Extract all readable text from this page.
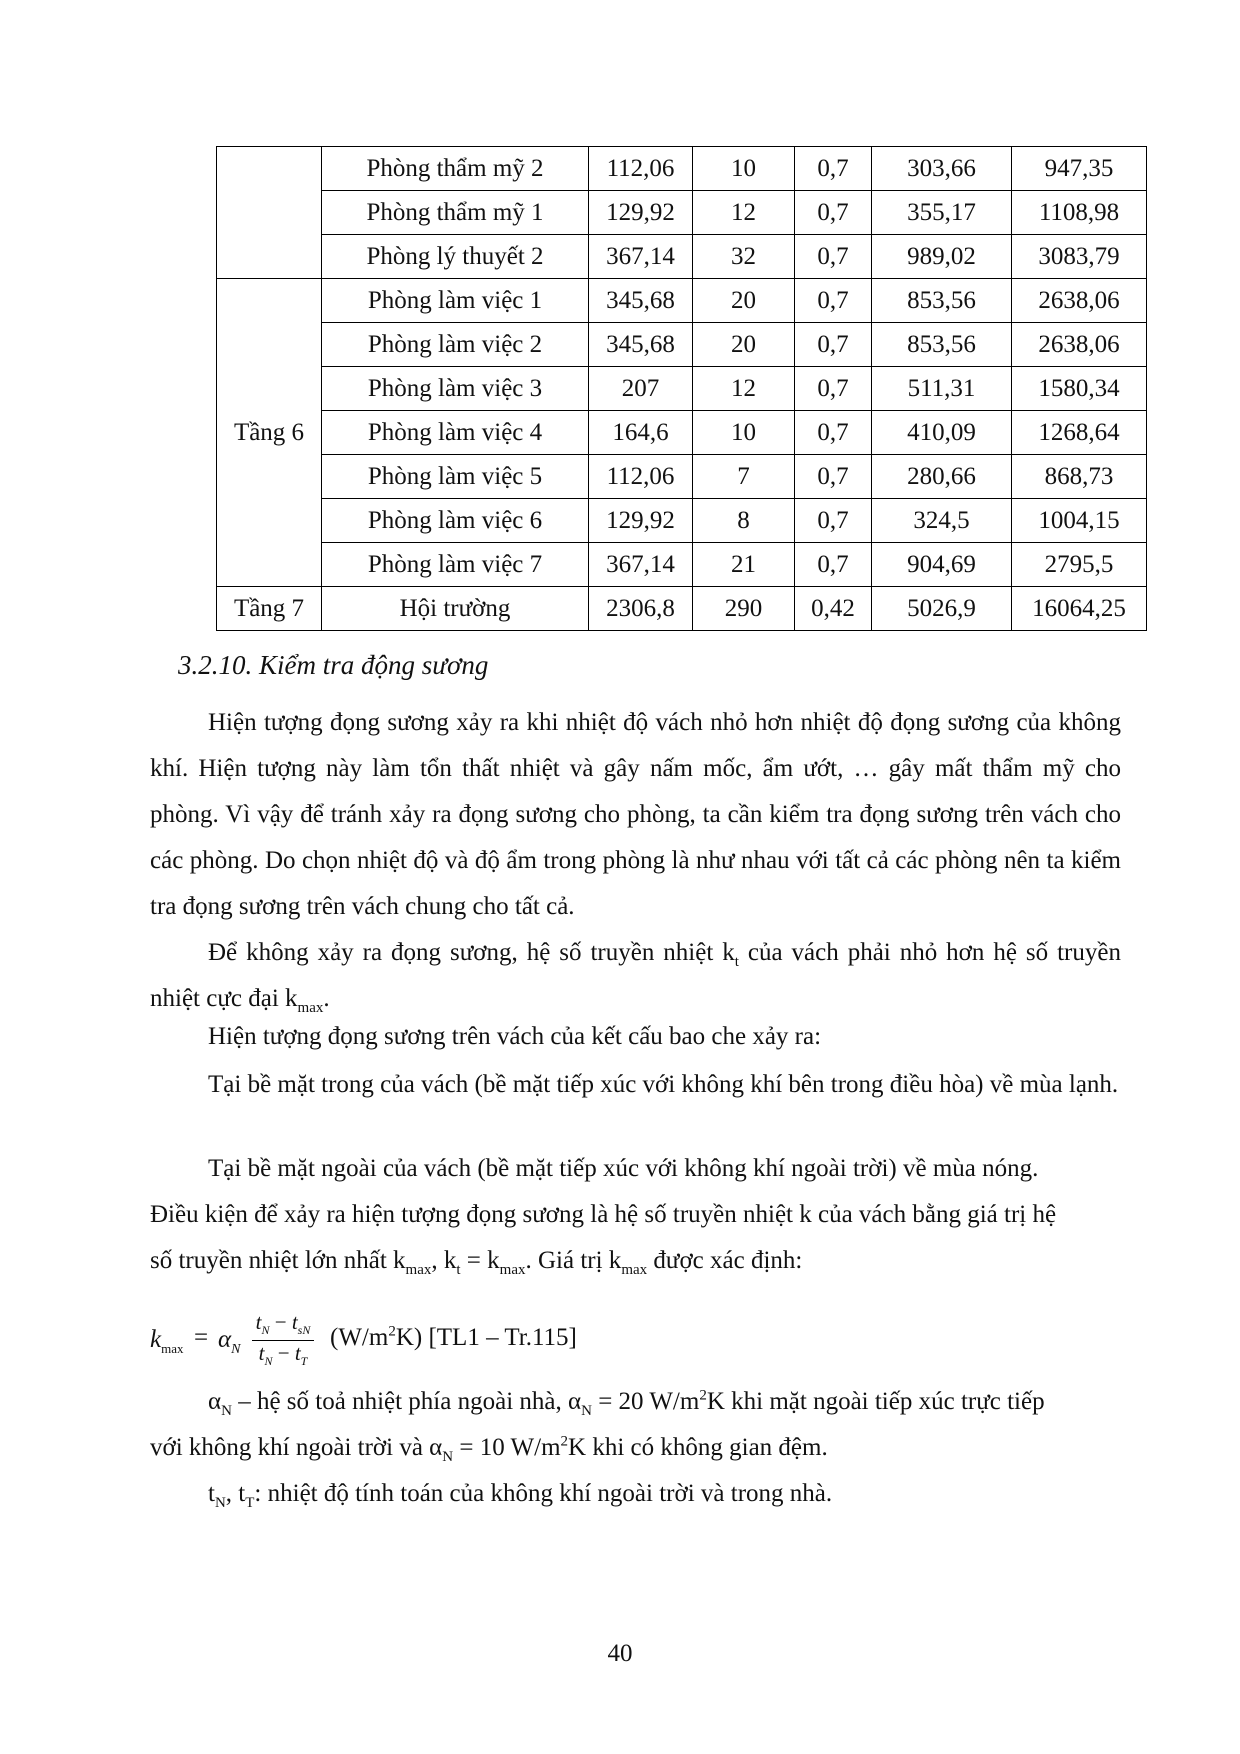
	Phòng thẩm mỹ 2	112,06	10	0,7	303,66	947,35
	Phòng thẩm mỹ 1	129,92	12	0,7	355,17	1108,98
	Phòng lý thuyết 2	367,14	32	0,7	989,02	3083,79
Tầng 6	Phòng làm việc 1	345,68	20	0,7	853,56	2638,06
	Phòng làm việc 2	345,68	20	0,7	853,56	2638,06
	Phòng làm việc 3	207	12	0,7	511,31	1580,34
	Phòng làm việc 4	164,6	10	0,7	410,09	1268,64
	Phòng làm việc 5	112,06	7	0,7	280,66	868,73
	Phòng làm việc 6	129,92	8	0,7	324,5	1004,15
	Phòng làm việc 7	367,14	21	0,7	904,69	2795,5
Tầng 7	Hội trường	2306,8	290	0,42	5026,9	16064,25
3.2.10. Kiểm tra động sương
Hiện tượng đọng sương xảy ra khi nhiệt độ vách nhỏ hơn nhiệt độ đọng sương của không khí. Hiện tượng này làm tổn thất nhiệt và gây nấm mốc, ẩm ướt, … gây mất thẩm mỹ cho phòng. Vì vậy để tránh xảy ra đọng sương cho phòng, ta cần kiểm tra đọng sương trên vách cho các phòng. Do chọn nhiệt độ và độ ẩm trong phòng là như nhau với tất cả các phòng nên ta kiểm tra đọng sương trên vách chung cho tất cả.
Để không xảy ra đọng sương, hệ số truyền nhiệt $k_t$ của vách phải nhỏ hơn hệ số truyền nhiệt cực đại $k_{max}$.
Hiện tượng đọng sương trên vách của kết cấu bao che xảy ra:
Tại bề mặt trong của vách (bề mặt tiếp xúc với không khí bên trong điều hòa) về mùa lạnh.
Tại bề mặt ngoài của vách (bề mặt tiếp xúc với không khí ngoài trời) về mùa nóng.
Điều kiện để xảy ra hiện tượng đọng sương là hệ số truyền nhiệt k của vách bằng giá trị hệ
số truyền nhiệt lớn nhất $k_{max}$, $k_t = k_{max}$. Giá trị $k_{max}$ được xác định:
$k_{max} = \alpha_N$
$t_N - t_{sN}$
$t_N - t_T$
$(W/m^2K)$ [TL1 – Tr.115]
$\alpha_N$ – hệ số toả nhiệt phía ngoài nhà, $\alpha_N = 20$ $W/m^2K$ khi mặt ngoài tiếp xúc trực tiếp
với không khí ngoài trời và $\alpha_N = 10$ $W/m^2K$ khi có không gian đệm.
$t_N$, $t_T$: nhiệt độ tính toán của không khí ngoài trời và trong nhà.
40
